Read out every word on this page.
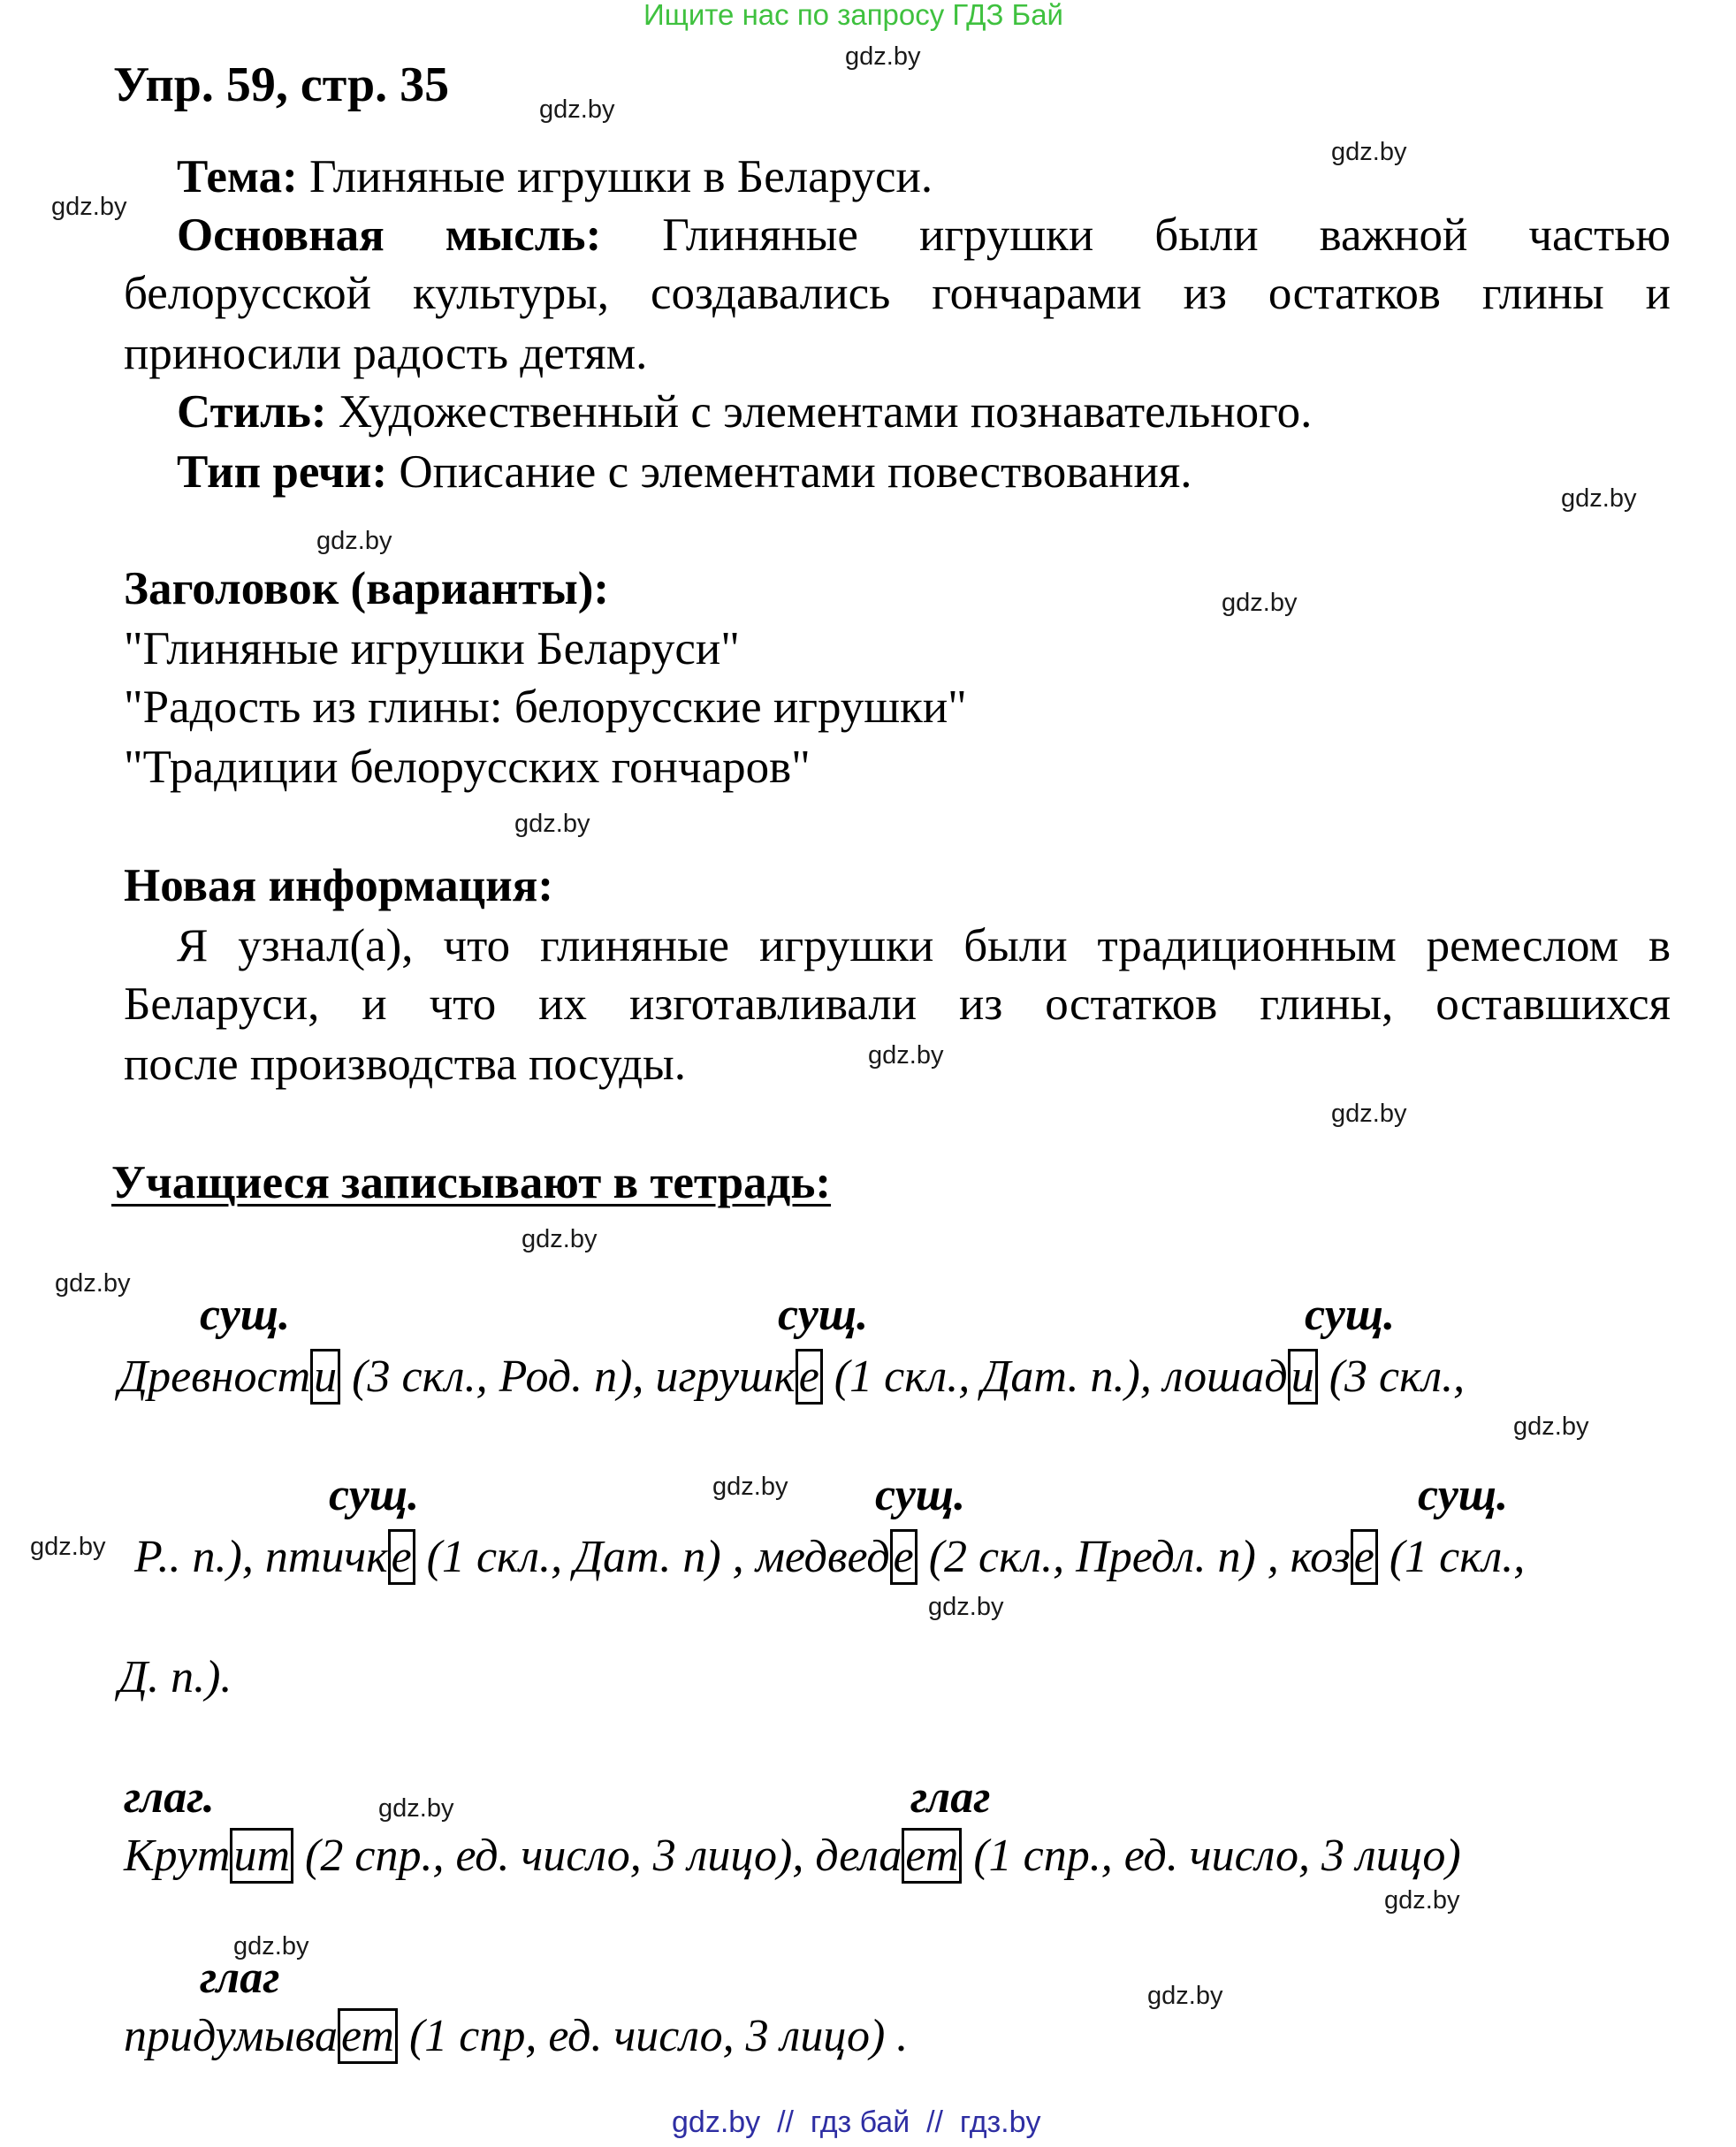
Ищите нас по запросу ГДЗ Бай
gdz.by
gdz.by
gdz.by
gdz.by
gdz.by
gdz.by
gdz.by
gdz.by
gdz.by
gdz.by
gdz.by
gdz.by
gdz.by
gdz.by
gdz.by
gdz.by
gdz.by
gdz.by
gdz.by
gdz.by
Упр. 59, стр. 35
Тема: Глиняные игрушки в Беларуси.
Основная мысль: Глиняные игрушки были важной частью
белорусской культуры, создавались гончарами из остатков глины и
приносили радость детям.
Стиль: Художественный с элементами познавательного.
Тип речи: Описание с элементами повествования.
Заголовок (варианты):
"Глиняные игрушки Беларуси"
"Радость из глины: белорусские игрушки"
"Традиции белорусских гончаров"
Новая информация:
Я узнал(а), что глиняные игрушки были традиционным ремеслом в
Беларуси, и что их изготавливали из остатков глины, оставшихся
после производства посуды.
Учащиеся записывают в тетрадь:
сущ.	сущ.	сущ.
Древности (3 скл., Род. п), игрушке (1 скл., Дат. п.), лошади (3 скл.,
сущ.	сущ.	сущ.
Р.. п.), птичке (1 скл., Дат. п) , медведе (2 скл., Предл. п) , козе (1 скл.,
Д. п.).
глаг.	глаг
Крутит (2 спр., ед. число, 3 лицо), делает (1 спр., ед. число, 3 лицо)
глаг
придумывает (1 спр, ед. число, 3 лицо) .
gdz.by  //  гдз бай  //  гдз.by
